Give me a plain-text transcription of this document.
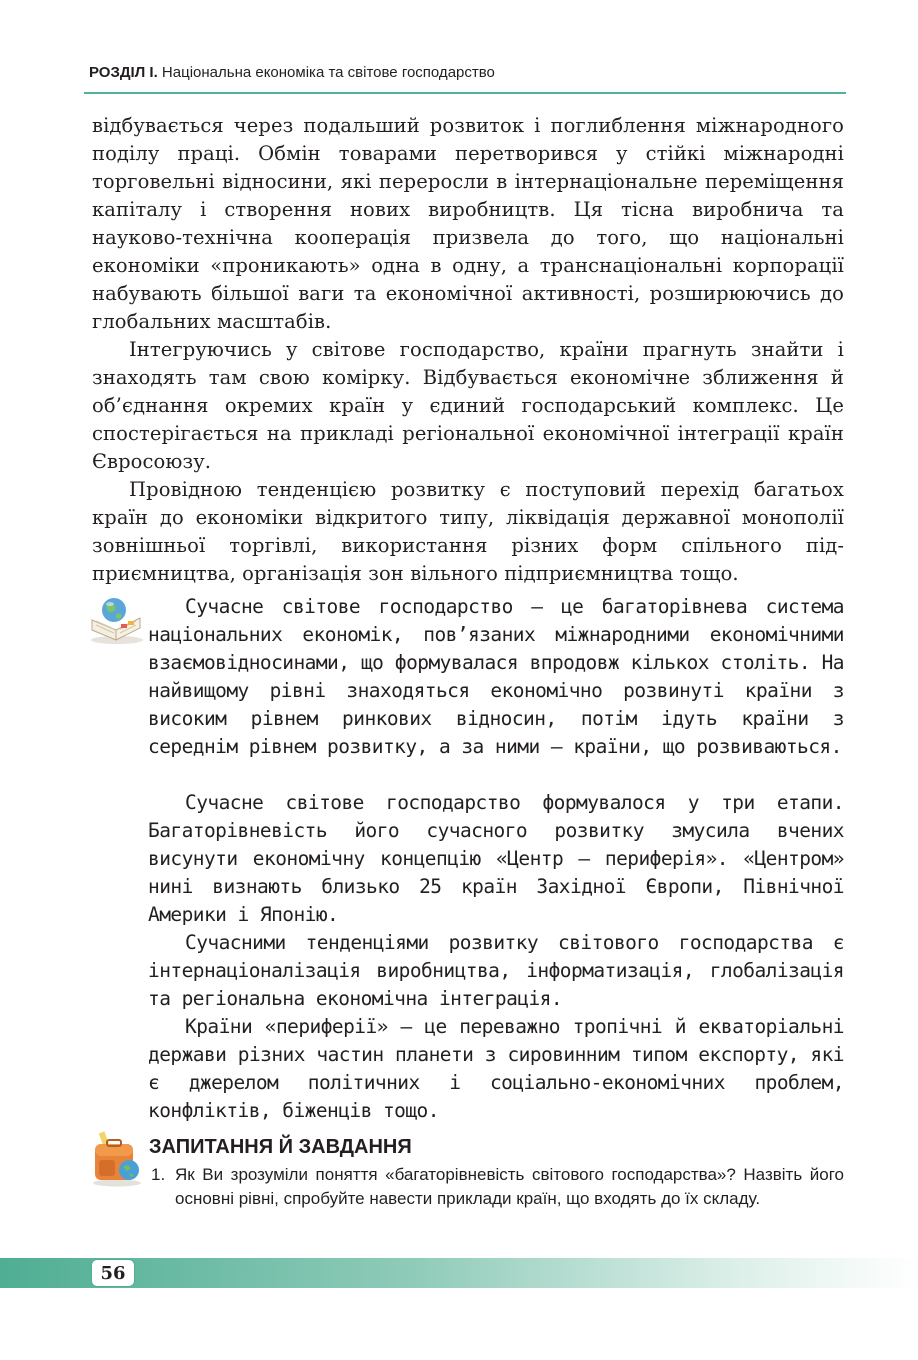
РОЗДІЛ І. Національна економіка та світове господарство

відбувається через подальший розвиток і поглиблення міжнародного поділу праці. Обмін товарами перетворився у стійкі міжнародні торговельні відносини, які переросли в інтернаціональне переміщення капіталу і створення нових виробництв. Ця тісна виробнича та науково-технічна кооперація призвела до того, що національні економіки «проникають» одна в одну, а транснаціональні корпорації набувають більшої ваги та економічної активності, розширюючись до глобальних масштабів.

Інтегруючись у світове господарство, країни прагнуть знайти і знаходять там свою комірку. Відбувається економічне зближення й об’єднання окремих країн у єдиний господарський комплекс. Це спостерігається на прикладі регіональної економічної інтеграції країн Євросоюзу.

Провідною тенденцією розвитку є поступовий перехід багатьох країн до економіки відкритого типу, ліквідація державної монополії зовнішньої торгівлі, використання різних форм спільного підприємництва, організація зон вільного підприємництва тощо.

Сучасне світове господарство — це багаторівнева система національних економік, пов’язаних міжнародними економічними взаємовідносинами, що формувалася впродовж кількох століть. На найвищому рівні знаходяться економічно розвинуті країни з високим рівнем ринкових відносин, потім ідуть країни з середнім рівнем розвитку, а за ними — країни, що розвиваються.

Сучасне світове господарство формувалося у три етапи. Багаторівневість його сучасного розвитку змусила вчених висунути економічну концепцію «Центр — периферія». «Центром» нині визнають близько 25 країн Західної Європи, Північної Америки і Японію.

Сучасними тенденціями розвитку світового господарства є інтернаціоналізація виробництва, інформатизація, глобалізація та регіональна економічна інтеграція.

Країни «периферії» — це переважно тропічні й екваторіальні держави різних частин планети з сировинним типом експорту, які є джерелом політичних і соціально-економічних проблем, конфліктів, біженців тощо.

ЗАПИТАННЯ Й ЗАВДАННЯ
1. Як Ви зрозуміли поняття «багаторівневість світового господарства»? Назвіть його основні рівні, спробуйте навести приклади країн, що входять до їх складу.
56
